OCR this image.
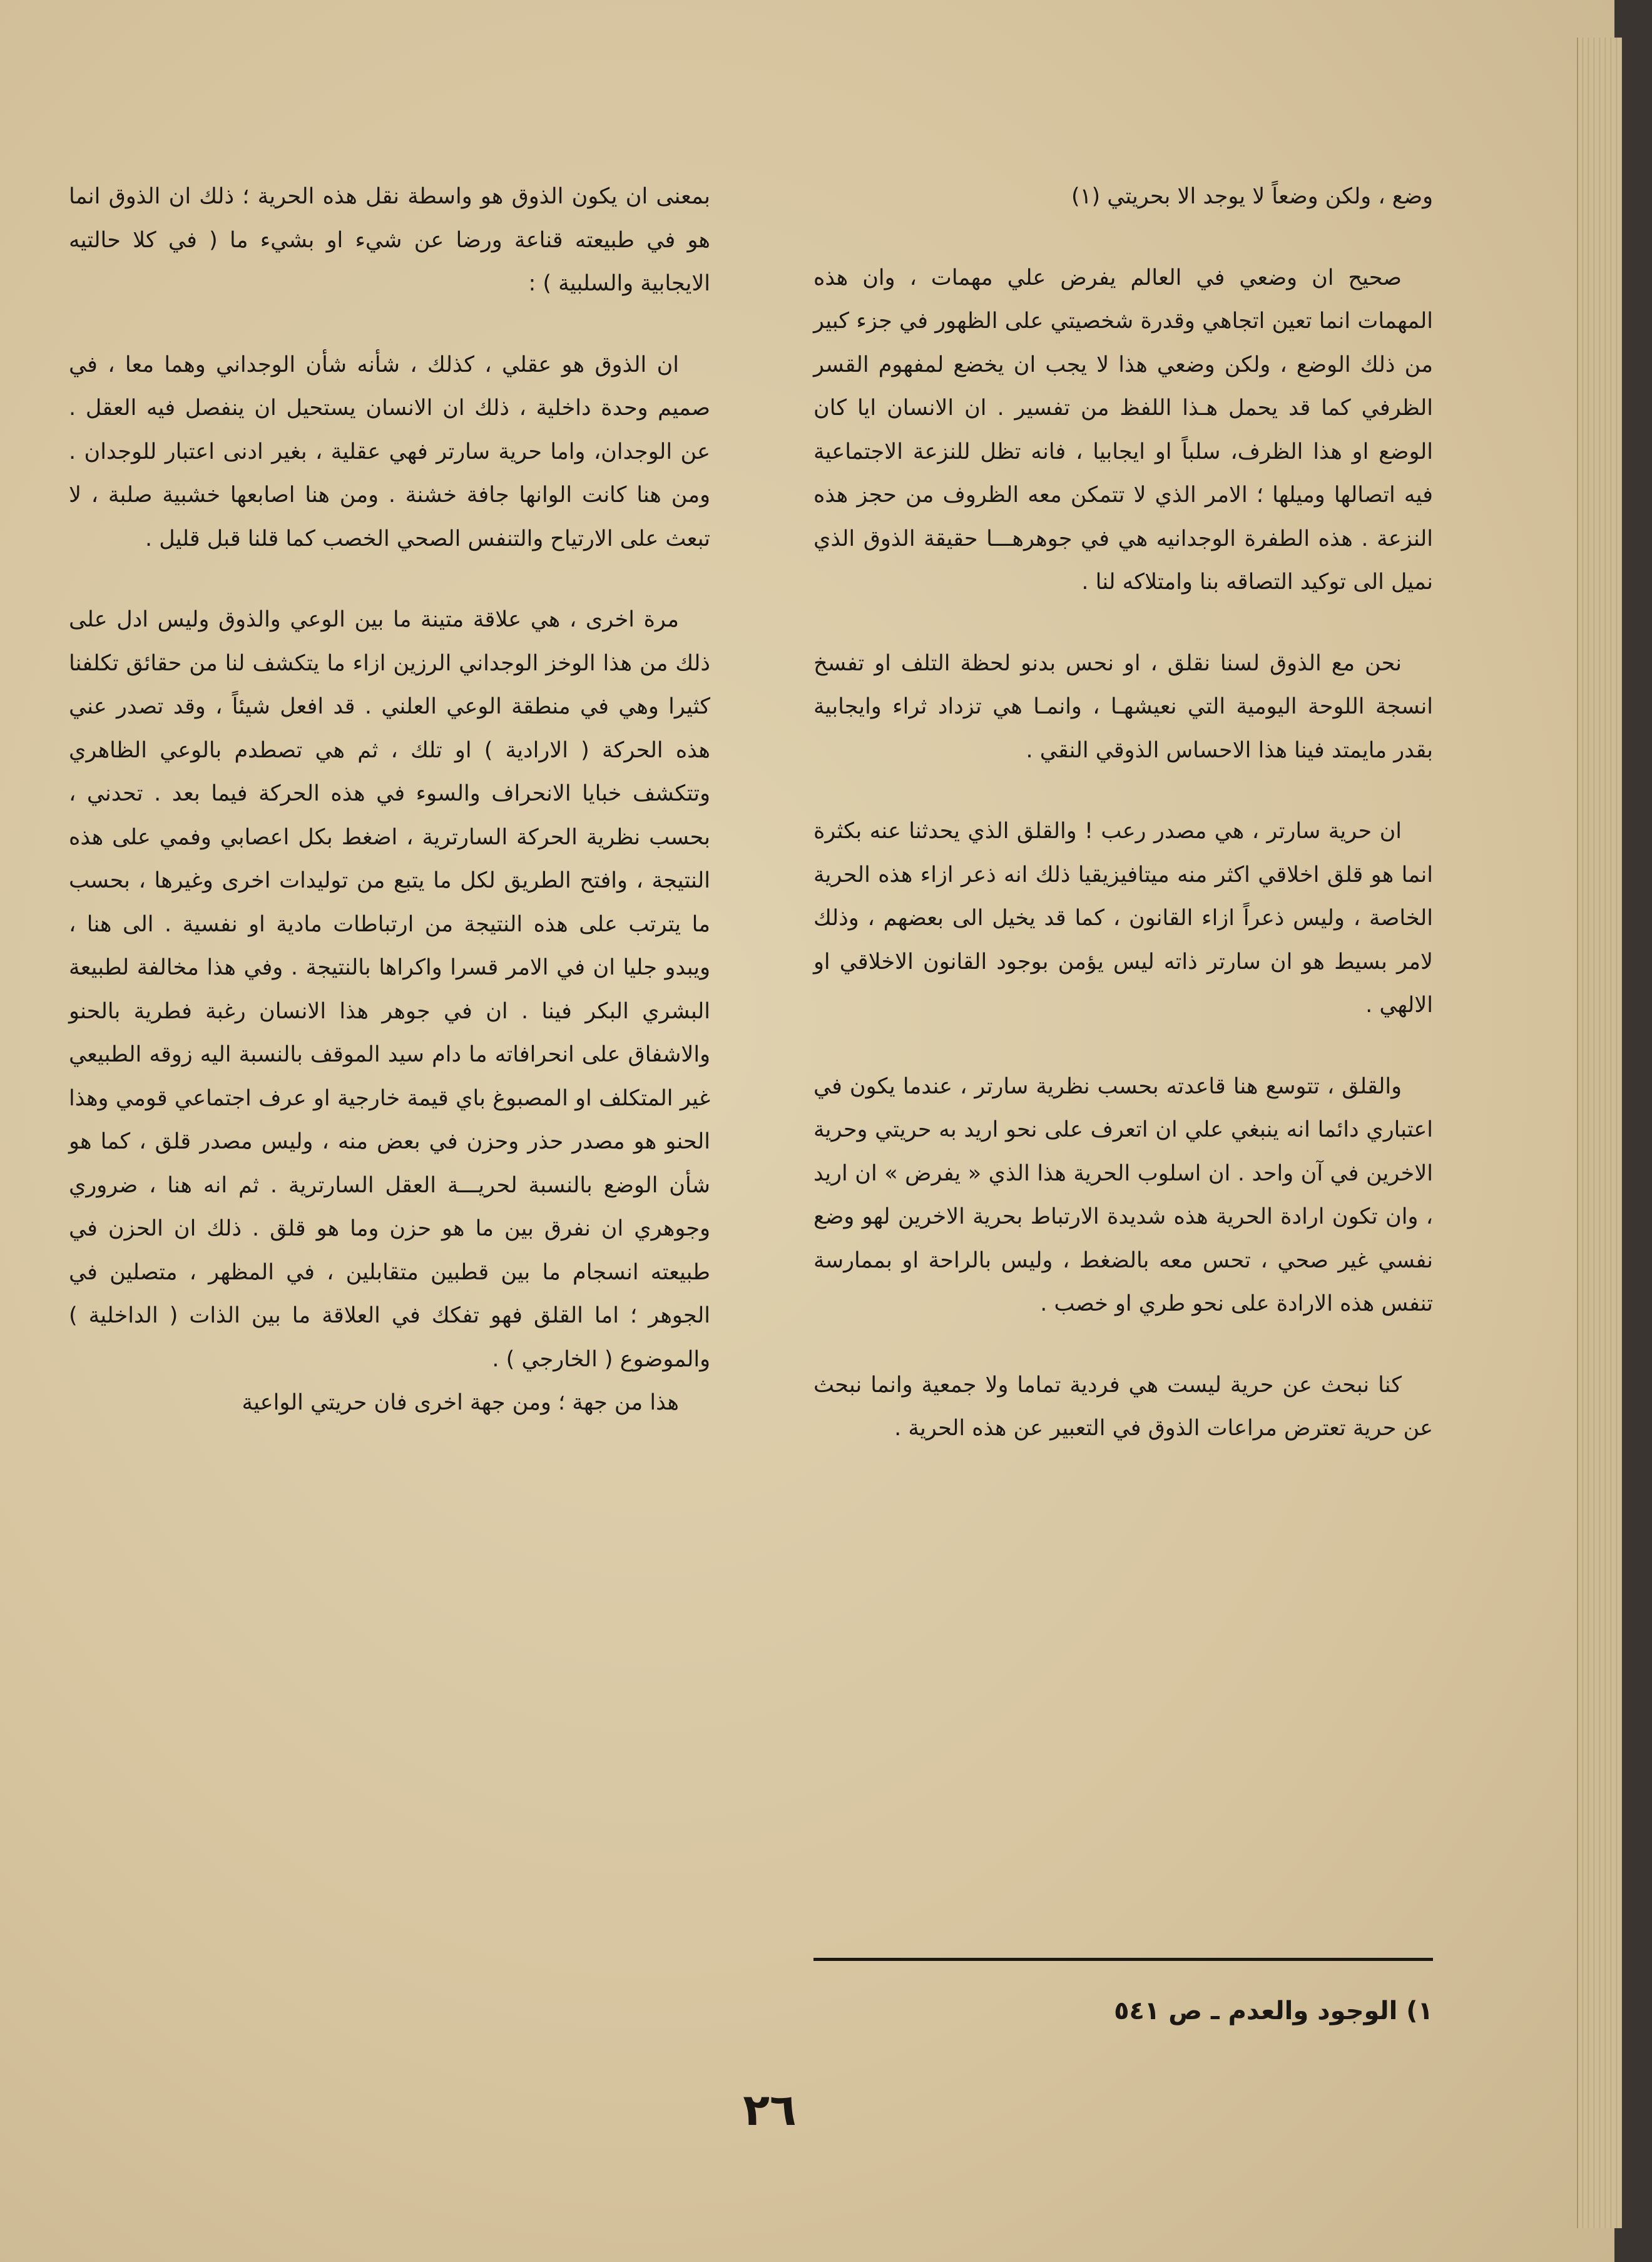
وضع ، ولكن وضعاً لا يوجد الا بحريتي (١)

صحيح ان وضعي في العالم يفرض علي مهمات ، وان هذه المهمات انما تعين اتجاهي وقدرة شخصيتي على الظهور في جزء كبير من ذلك الوضع ، ولكن وضعي هذا لا يجب ان يخضع لمفهوم القسر الظرفي كما قد يحمل هـذا اللفظ من تفسير . ان الانسان ايا كان الوضع او هذا الظرف، سلباً او ايجابيا ، فانه تظل للنزعة الاجتماعية فيه اتصالها وميلها ؛ الامر الذي لا تتمكن معه الظروف من حجز هذه النزعة . هذه الطفرة الوجدانيه هي في جوهرهـــا حقيقة الذوق الذي نميل الى توكيد التصاقه بنا وامتلاكه لنا .

نحن مع الذوق لسنا نقلق ، او نحس بدنو لحظة التلف او تفسخ انسجة اللوحة اليومية التي نعيشهـا ، وانمـا هي تزداد ثراء وايجابية بقدر مايمتد فينا هذا الاحساس الذوقي النقي .

ان حرية سارتر ، هي مصدر رعب ! والقلق الذي يحدثنا عنه بكثرة انما هو قلق اخلاقي اكثر منه ميتافيزيقيا ذلك انه ذعر ازاء هذه الحرية الخاصة ، وليس ذعراً ازاء القانون ، كما قد يخيل الى بعضهم ، وذلك لامر بسيط هو ان سارتر ذاته ليس يؤمن بوجود القانون الاخلاقي او الالهي .

والقلق ، تتوسع هنا قاعدته بحسب نظرية سارتر ، عندما يكون في اعتباري دائما انه ينبغي علي ان اتعرف على نحو اريد به حريتي وحرية الاخرين في آن واحد . ان اسلوب الحرية هذا الذي « يفرض » ان اريد ، وان تكون ارادة الحرية هذه شديدة الارتباط بحرية الاخرين لهو وضع نفسي غير صحي ، تحس معه بالضغط ، وليس بالراحة او بممارسة تنفس هذه الارادة على نحو طري او خصب .

كنا نبحث عن حرية ليست هي فردية تماما ولا جمعية وانما نبحث عن حرية تعترض مراعات الذوق في التعبير عن هذه الحرية .

بمعنى ان يكون الذوق هو واسطة نقل هذه الحرية ؛ ذلك ان الذوق انما هو في طبيعته قناعة ورضا عن شيء او بشيء ما ( في كلا حالتيه الايجابية والسلبية ) :

ان الذوق هو عقلي ، كذلك ، شأنه شأن الوجداني وهما معا ، في صميم وحدة داخلية ، ذلك ان الانسان يستحيل ان ينفصل فيه العقل . عن الوجدان، واما حرية سارتر فهي عقلية ، بغير ادنى اعتبار للوجدان . ومن هنا كانت الوانها جافة خشنة . ومن هنا اصابعها خشبية صلبة ، لا تبعث على الارتياح والتنفس الصحي الخصب كما قلنا قبل قليل .

مرة اخرى ، هي علاقة متينة ما بين الوعي والذوق وليس ادل على ذلك من هذا الوخز الوجداني الرزين ازاء ما يتكشف لنا من حقائق تكلفنا كثيرا وهي في منطقة الوعي العلني . قد افعل شيئاً ، وقد تصدر عني هذه الحركة ( الارادية ) او تلك ، ثم هي تصطدم بالوعي الظاهري وتتكشف خبايا الانحراف والسوء في هذه الحركة فيما بعد . تحدني ، بحسب نظرية الحركة السارترية ، اضغط بكل اعصابي وفمي على هذه النتيجة ، وافتح الطريق لكل ما يتبع من توليدات اخرى وغيرها ، بحسب ما يترتب على هذه النتيجة من ارتباطات مادية او نفسية . الى هنا ، ويبدو جليا ان في الامر قسرا واكراها بالنتيجة . وفي هذا مخالفة لطبيعة البشري البكر فينا . ان في جوهر هذا الانسان رغبة فطرية بالحنو والاشفاق على انحرافاته ما دام سيد الموقف بالنسبة اليه زوقه الطبيعي غير المتكلف او المصبوغ باي قيمة خارجية او عرف اجتماعي قومي وهذا الحنو هو مصدر حذر وحزن في بعض منه ، وليس مصدر قلق ، كما هو شأن الوضع بالنسبة لحريـــة العقل السارترية . ثم انه هنا ، ضروري وجوهري ان نفرق بين ما هو حزن وما هو قلق . ذلك ان الحزن في طبيعته انسجام ما بين قطبين متقابلين ، في المظهر ، متصلين في الجوهر ؛ اما القلق فهو تفكك في العلاقة ما بين الذات ( الداخلية ) والموضوع ( الخارجي ) .

هذا من جهة ؛ ومن جهة اخرى فان حريتي الواعية

١) الوجود والعدم ـ ص ٥٤١
٢٦
